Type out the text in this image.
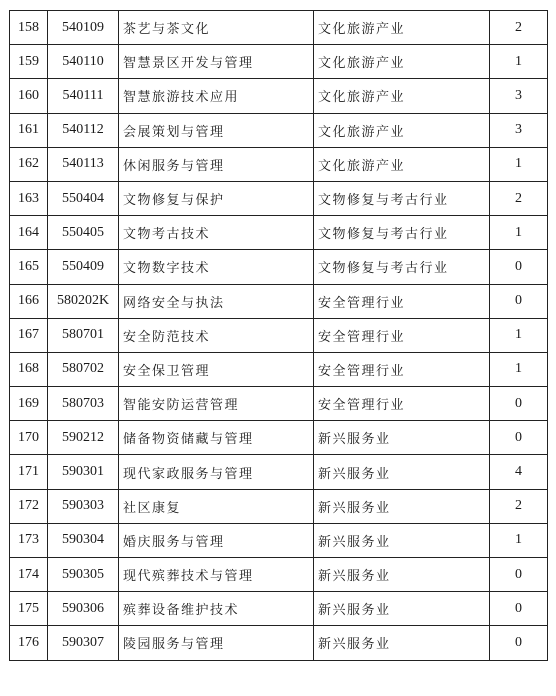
158	540109	茶艺与茶文化	文化旅游产业	2
159	540110	智慧景区开发与管理	文化旅游产业	1
160	540111	智慧旅游技术应用	文化旅游产业	3
161	540112	会展策划与管理	文化旅游产业	3
162	540113	休闲服务与管理	文化旅游产业	1
163	550404	文物修复与保护	文物修复与考古行业	2
164	550405	文物考古技术	文物修复与考古行业	1
165	550409	文物数字技术	文物修复与考古行业	0
166	580202K	网络安全与执法	安全管理行业	0
167	580701	安全防范技术	安全管理行业	1
168	580702	安全保卫管理	安全管理行业	1
169	580703	智能安防运营管理	安全管理行业	0
170	590212	储备物资储藏与管理	新兴服务业	0
171	590301	现代家政服务与管理	新兴服务业	4
172	590303	社区康复	新兴服务业	2
173	590304	婚庆服务与管理	新兴服务业	1
174	590305	现代殡葬技术与管理	新兴服务业	0
175	590306	殡葬设备维护技术	新兴服务业	0
176	590307	陵园服务与管理	新兴服务业	0
